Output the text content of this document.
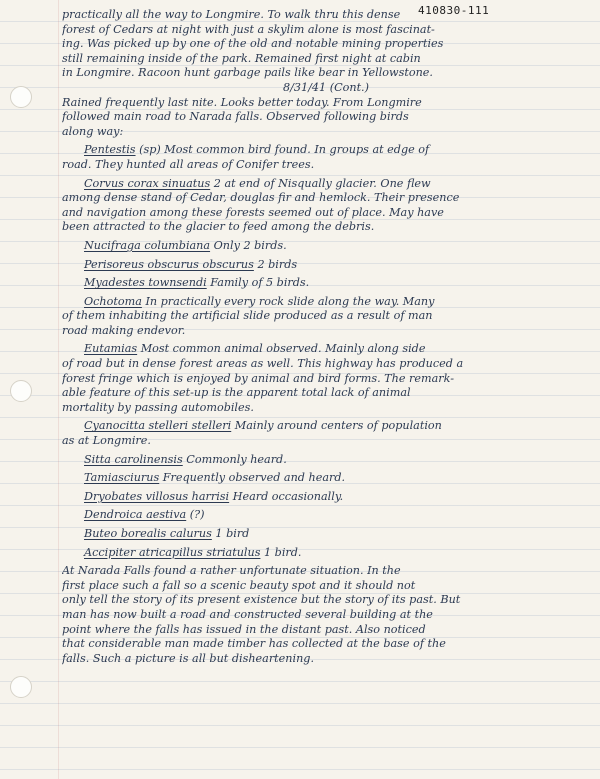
410830-111
practically all the way to Longmire. To walk thru this dense
forest of Cedars at night with just a skylim alone is most fascinat-
ing. Was picked up by one of the old and notable mining properties
still remaining inside of the park. Remained first night at cabin
in Longmire. Racoon hunt garbage pails like bear in Yellowstone.
8/31/41 (Cont.)
Rained frequently last nite. Looks better today. From Longmire
followed main road to Narada falls. Observed following birds
along way:
Pentestis (sp) Most common bird found. In groups at edge of
road. They hunted all areas of Conifer trees.
Corvus corax sinuatus 2 at end of Nisqually glacier. One flew
among dense stand of Cedar, douglas fir and hemlock. Their presence
and navigation among these forests seemed out of place. May have
been attracted to the glacier to feed among the debris.
Nucifraga columbiana Only 2 birds.
Perisoreus obscurus obscurus 2 birds
Myadestes townsendi Family of 5 birds.
Ochotoma In practically every rock slide along the way. Many
of them inhabiting the artificial slide produced as a result of man
road making endevor.
Eutamias Most common animal observed. Mainly along side
of road but in dense forest areas as well. This highway has produced a
forest fringe which is enjoyed by animal and bird forms. The remark-
able feature of this set-up is the apparent total lack of animal
mortality by passing automobiles.
Cyanocitta stelleri stelleri Mainly around centers of population
as at Longmire.
Sitta carolinensis Commonly heard.
Tamiasciurus Frequently observed and heard.
Dryobates villosus harrisi Heard occasionally.
Dendroica aestiva (?)
Buteo borealis calurus 1 bird
Accipiter atricapillus striatulus 1 bird.
At Narada Falls found a rather unfortunate situation. In the
first place such a fall so a scenic beauty spot and it should not
only tell the story of its present existence but the story of its past. But
man has now built a road and constructed several building at the
point where the falls has issued in the distant past. Also noticed
that considerable man made timber has collected at the base of the
falls. Such a picture is all but disheartening.
